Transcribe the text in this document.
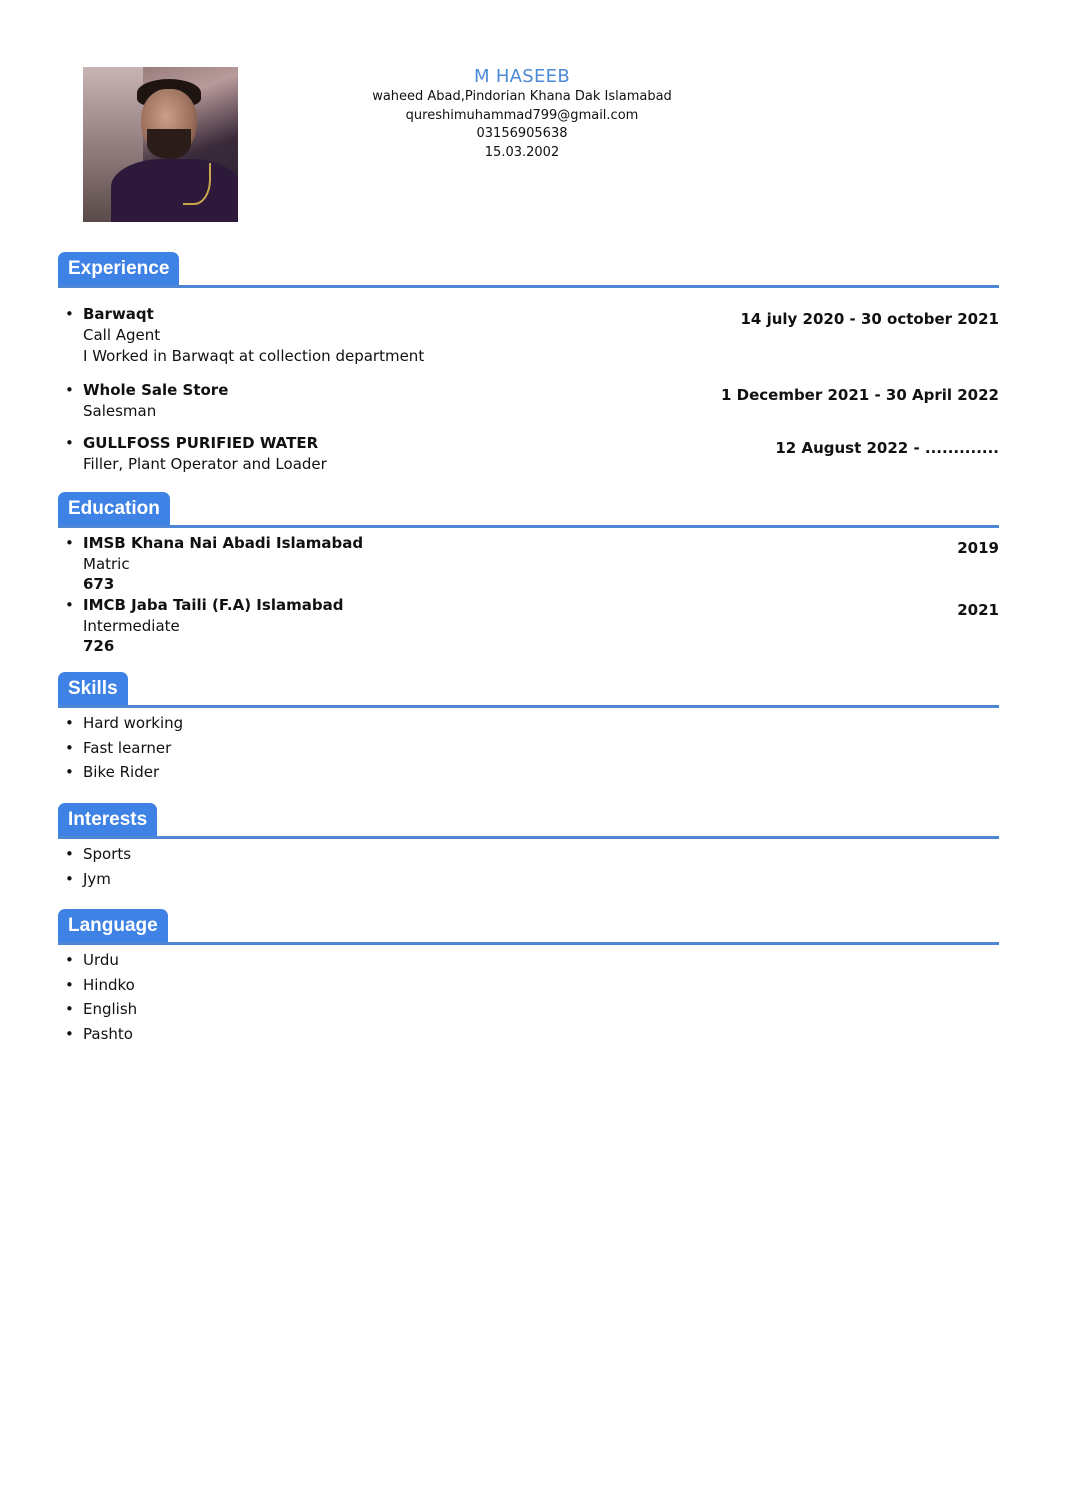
M HASEEB
waheed Abad,Pindorian Khana Dak Islamabad
qureshimuhammad799@gmail.com
03156905638
15.03.2002
Experience
•	14 july 2020 - 30 october 2021
Barwaqt
Call Agent
I Worked in Barwaqt at collection department
•	1 December 2021 - 30 April 2022
Whole Sale Store
Salesman
•	12 August 2022 - .............
GULLFOSS PURIFIED WATER
Filler, Plant Operator and Loader
Education
•	2019
IMSB Khana Nai Abadi Islamabad
Matric
673
•	2021
IMCB Jaba Taili (F.A) Islamabad
Intermediate
726
Skills
• Hard working
• Fast learner
• Bike Rider
Interests
• Sports
• Jym
Language
• Urdu
• Hindko
• English
• Pashto
